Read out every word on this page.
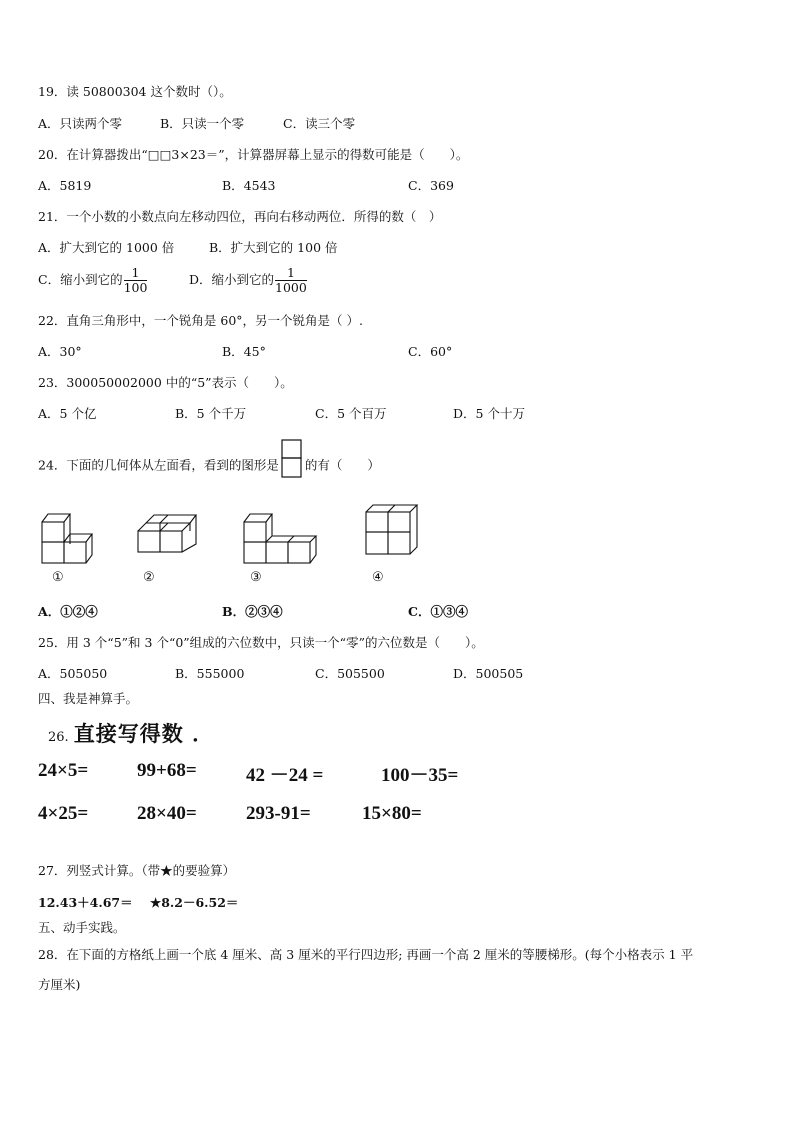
19．读 50800304 这个数时（）。
A．只读两个零	B．只读一个零	C．读三个零
20．在计算器拨出“□□3×23＝”，计算器屏幕上显示的得数可能是（　　）。
A．5819	B．4543	C．369
21．一个小数的小数点向左移动四位，再向右移动两位．所得的数（　）
A．扩大到它的 1000 倍	B．扩大到它的 100 倍
C．缩小到它的 $\frac{1}{100}$	D．缩小到它的 $\frac{1}{1000}$
22．直角三角形中，一个锐角是 60°，另一个锐角是（ ）.
A．30°	B．45°	C．60°
23．300050002000 中的“5”表示（　　）。
A．5 个亿	B．5 个千万	C．5 个百万	D．5 个十万
24．下面的几何体从左面看，看到的图形是 的有（　　）
①	②	③	④
A．①②④	B．②③④	C．①③④
25．用 3 个“5”和 3 个“0”组成的六位数中，只读一个“零”的六位数是（　　）。
A．505050	B．555000	C．505500	D．500505
四、我是神算手。
26. 直接写得数 ．
24×5=	99+68=	42 －24 =	100－35=
4×25=	28×40=	293-91=	15×80=
27．列竖式计算。（带★的要验算）
12.43＋4.67＝ ★8.2－6.52＝
五、动手实践。
28．在下面的方格纸上画一个底 4 厘米、高 3 厘米的平行四边形; 再画一个高 2 厘米的等腰梯形。(每个小格表示 1 平
方厘米)
